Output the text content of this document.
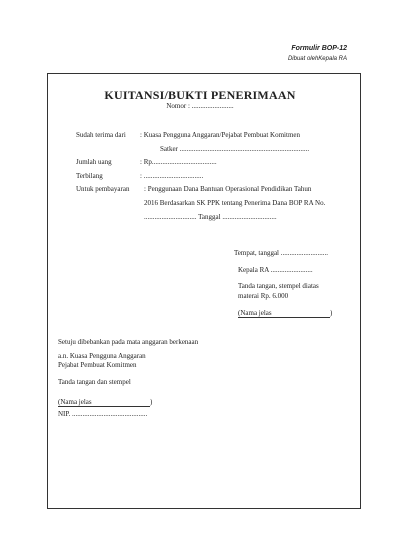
Formulir BOP-12
Dibuat olehKepala RA
KUITANSI/BUKTI PENERIMAAN
Nomor : ........................
Sudah terima dari : Kuasa Pengguna Anggaran/Pejabat Pembuat Komitmen
Satker ..........................................................................
Jumlah uang	: Rp.....................................
Terbilang	: ..................................
Untuk pembayaran : Penggunaan Dana Bantuan Operasional Pendidikan Tahun
2016 Berdasarkan SK PPK tentang Penerima Dana BOP RA No.
.............................. Tanggal ...............................
Tempat, tanggal ...........................
Kepala RA ........................
Tanda tangan, stempel diatas
materai Rp. 6.000
(Nama jelas	)
Setuju dibebankan pada mata anggaran berkenaan
a.n. Kuasa Pengguna Anggaran
Pejabat Pembuat Komitmen
Tanda tangan dan stempel
(Nama jelas	)
NIP. ...........................................
